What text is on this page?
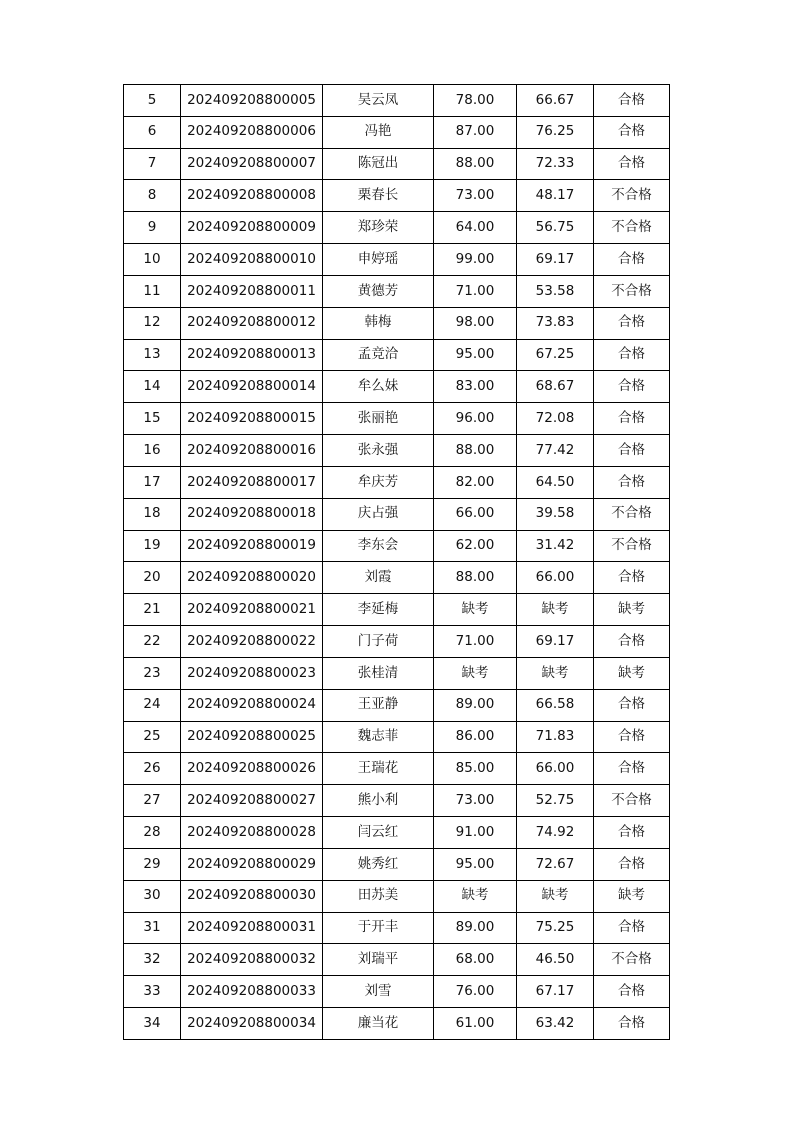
5	202409208800005	吴云凤	78.00	66.67	合格
6	202409208800006	冯艳	87.00	76.25	合格
7	202409208800007	陈冠出	88.00	72.33	合格
8	202409208800008	栗春长	73.00	48.17	不合格
9	202409208800009	郑珍荣	64.00	56.75	不合格
10	202409208800010	申婷瑶	99.00	69.17	合格
11	202409208800011	黄德芳	71.00	53.58	不合格
12	202409208800012	韩梅	98.00	73.83	合格
13	202409208800013	孟竞洽	95.00	67.25	合格
14	202409208800014	牟么妹	83.00	68.67	合格
15	202409208800015	张丽艳	96.00	72.08	合格
16	202409208800016	张永强	88.00	77.42	合格
17	202409208800017	牟庆芳	82.00	64.50	合格
18	202409208800018	庆占强	66.00	39.58	不合格
19	202409208800019	李东会	62.00	31.42	不合格
20	202409208800020	刘霞	88.00	66.00	合格
21	202409208800021	李延梅	缺考	缺考	缺考
22	202409208800022	门子荷	71.00	69.17	合格
23	202409208800023	张桂清	缺考	缺考	缺考
24	202409208800024	王亚静	89.00	66.58	合格
25	202409208800025	魏志菲	86.00	71.83	合格
26	202409208800026	王瑞花	85.00	66.00	合格
27	202409208800027	熊小利	73.00	52.75	不合格
28	202409208800028	闫云红	91.00	74.92	合格
29	202409208800029	姚秀红	95.00	72.67	合格
30	202409208800030	田苏美	缺考	缺考	缺考
31	202409208800031	于开丰	89.00	75.25	合格
32	202409208800032	刘瑞平	68.00	46.50	不合格
33	202409208800033	刘雪	76.00	67.17	合格
34	202409208800034	廉当花	61.00	63.42	合格
